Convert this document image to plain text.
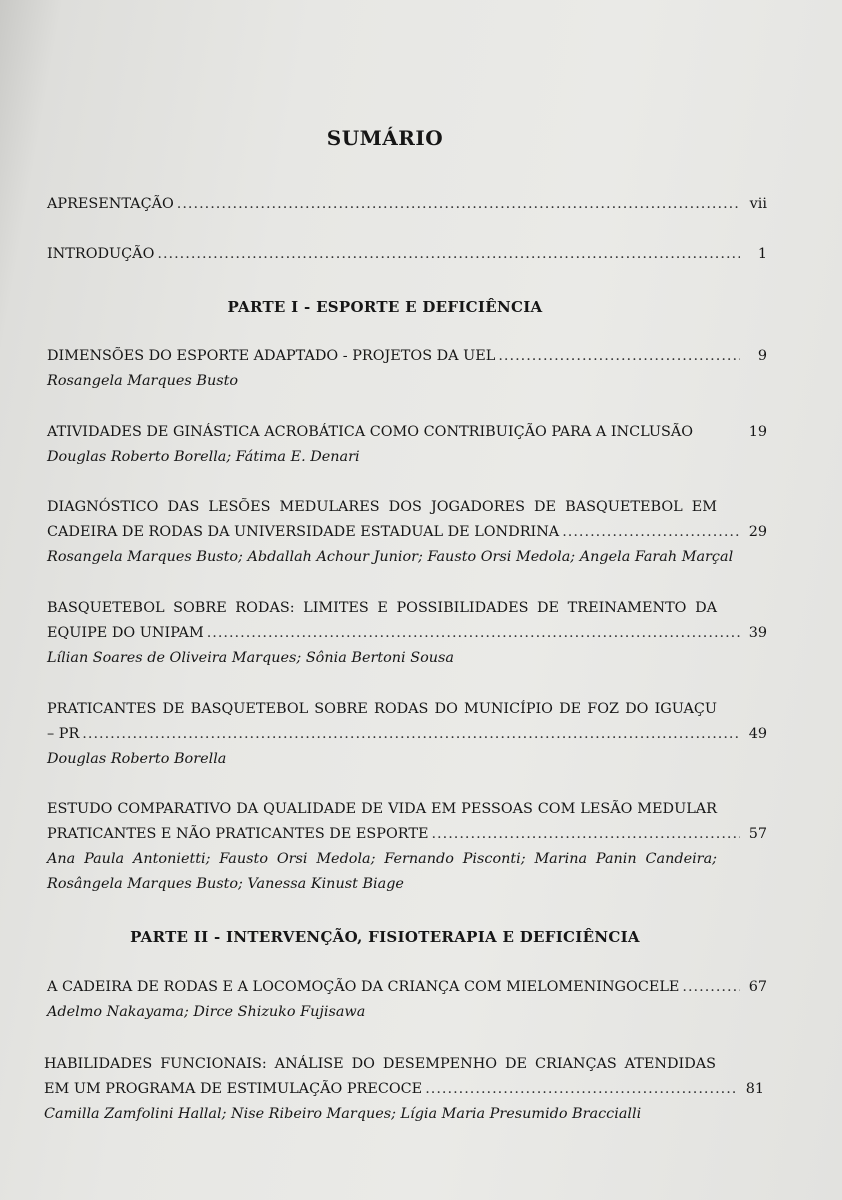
SUMÁRIO
APRESENTAÇÃO .....	vii
INTRODUÇÃO .....	1
PARTE I - ESPORTE E DEFICIÊNCIA
DIMENSÕES DO ESPORTE ADAPTADO - PROJETOS DA UEL .....	9
Rosangela Marques Busto
ATIVIDADES DE GINÁSTICA ACROBÁTICA COMO CONTRIBUIÇÃO PARA A INCLUSÃO	19
Douglas Roberto Borella; Fátima E. Denari
DIAGNÓSTICO DAS LESÕES MEDULARES DOS JOGADORES DE BASQUETEBOL EM
CADEIRA DE RODAS DA UNIVERSIDADE ESTADUAL DE LONDRINA .....	29
Rosangela Marques Busto; Abdallah Achour Junior; Fausto Orsi Medola; Angela Farah Marçal
BASQUETEBOL SOBRE RODAS: LIMITES E POSSIBILIDADES DE TREINAMENTO DA
EQUIPE DO UNIPAM .....	39
Lílian Soares de Oliveira Marques; Sônia Bertoni Sousa
PRATICANTES DE BASQUETEBOL SOBRE RODAS DO MUNICÍPIO DE FOZ DO IGUAÇU
– PR .....	49
Douglas Roberto Borella
ESTUDO COMPARATIVO DA QUALIDADE DE VIDA EM PESSOAS COM LESÃO MEDULAR
PRATICANTES E NÃO PRATICANTES DE ESPORTE .....	57
Ana Paula Antonietti; Fausto Orsi Medola; Fernando Pisconti; Marina Panin Candeira;
Rosângela Marques Busto; Vanessa Kinust Biage
PARTE II - INTERVENÇÃO, FISIOTERAPIA E DEFICIÊNCIA
A CADEIRA DE RODAS E A LOCOMOÇÃO DA CRIANÇA COM MIELOMENINGOCELE .....	67
Adelmo Nakayama; Dirce Shizuko Fujisawa
HABILIDADES FUNCIONAIS: ANÁLISE DO DESEMPENHO DE CRIANÇAS ATENDIDAS
EM UM PROGRAMA DE ESTIMULAÇÃO PRECOCE .....	81
Camilla Zamfolini Hallal; Nise Ribeiro Marques; Lígia Maria Presumido Braccialli
